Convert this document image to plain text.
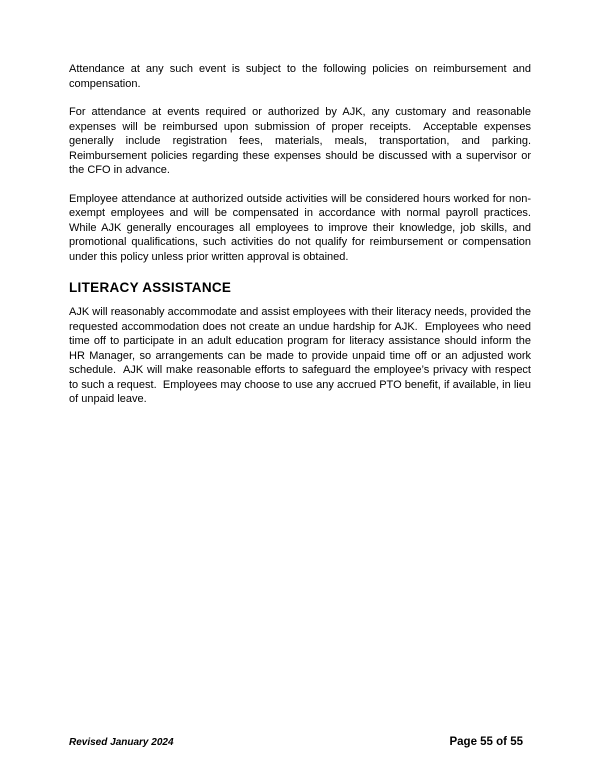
Attendance at any such event is subject to the following policies on reimbursement and compensation.

For attendance at events required or authorized by AJK, any customary and reasonable expenses will be reimbursed upon submission of proper receipts.  Acceptable expenses generally include registration fees, materials, meals, transportation, and parking.  Reimbursement policies regarding these expenses should be discussed with a supervisor or the CFO in advance.

Employee attendance at authorized outside activities will be considered hours worked for non-exempt employees and will be compensated in accordance with normal payroll practices.  While AJK generally encourages all employees to improve their knowledge, job skills, and promotional qualifications, such activities do not qualify for reimbursement or compensation under this policy unless prior written approval is obtained.

LITERACY ASSISTANCE

AJK will reasonably accommodate and assist employees with their literacy needs, provided the requested accommodation does not create an undue hardship for AJK.  Employees who need time off to participate in an adult education program for literacy assistance should inform the HR Manager, so arrangements can be made to provide unpaid time off or an adjusted work schedule.  AJK will make reasonable efforts to safeguard the employee’s privacy with respect to such a request.  Employees may choose to use any accrued PTO benefit, if available, in lieu of unpaid leave.

Revised January 2024	Page 55 of 55
